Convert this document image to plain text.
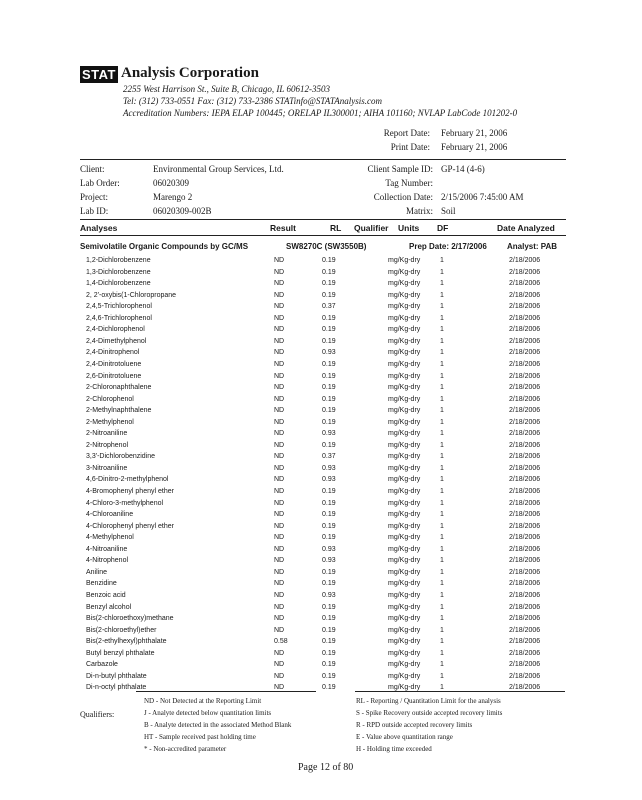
STAT Analysis Corporation
2255 West Harrison St., Suite B, Chicago, IL 60612-3503
Tel: (312) 733-0551 Fax: (312) 733-2386 STATinfo@STATAnalysis.com
Accreditation Numbers: IEPA ELAP 100445; ORELAP IL300001; AIHA 101160; NVLAP LabCode 101202-0
Report Date: February 21, 2006
Print Date: February 21, 2006
Client:	Environmental Group Services, Ltd.
Lab Order:	06020309
Project:	Marengo 2
Lab ID:	06020309-002B
Client Sample ID: GP-14 (4-6)
Tag Number:
Collection Date: 2/15/2006 7:45:00 AM
Matrix: Soil
Analyses	Result	RL Qualifier Units DF	Date Analyzed
Semivolatile Organic Compounds by GC/MS	SW8270C (SW3550B)	Prep Date: 2/17/2006	Analyst: PAB
1,2-Dichlorobenzene	ND	0.19	mg/Kg-dry	1	2/18/2006
1,3-Dichlorobenzene	ND	0.19	mg/Kg-dry	1	2/18/2006
1,4-Dichlorobenzene	ND	0.19	mg/Kg-dry	1	2/18/2006
2, 2'-oxybis(1-Chloropropane	ND	0.19	mg/Kg-dry	1	2/18/2006
2,4,5-Trichlorophenol	ND	0.37	mg/Kg-dry	1	2/18/2006
2,4,6-Trichlorophenol	ND	0.19	mg/Kg-dry	1	2/18/2006
2,4-Dichlorophenol	ND	0.19	mg/Kg-dry	1	2/18/2006
2,4-Dimethylphenol	ND	0.19	mg/Kg-dry	1	2/18/2006
2,4-Dinitrophenol	ND	0.93	mg/Kg-dry	1	2/18/2006
2,4-Dinitrotoluene	ND	0.19	mg/Kg-dry	1	2/18/2006
2,6-Dinitrotoluene	ND	0.19	mg/Kg-dry	1	2/18/2006
2-Chloronaphthalene	ND	0.19	mg/Kg-dry	1	2/18/2006
2-Chlorophenol	ND	0.19	mg/Kg-dry	1	2/18/2006
2-Methylnaphthalene	ND	0.19	mg/Kg-dry	1	2/18/2006
2-Methylphenol	ND	0.19	mg/Kg-dry	1	2/18/2006
2-Nitroaniline	ND	0.93	mg/Kg-dry	1	2/18/2006
2-Nitrophenol	ND	0.19	mg/Kg-dry	1	2/18/2006
3,3'-Dichlorobenzidine	ND	0.37	mg/Kg-dry	1	2/18/2006
3-Nitroaniline	ND	0.93	mg/Kg-dry	1	2/18/2006
4,6-Dinitro-2-methylphenol	ND	0.93	mg/Kg-dry	1	2/18/2006
4-Bromophenyl phenyl ether	ND	0.19	mg/Kg-dry	1	2/18/2006
4-Chloro-3-methylphenol	ND	0.19	mg/Kg-dry	1	2/18/2006
4-Chloroaniline	ND	0.19	mg/Kg-dry	1	2/18/2006
4-Chlorophenyl phenyl ether	ND	0.19	mg/Kg-dry	1	2/18/2006
4-Methylphenol	ND	0.19	mg/Kg-dry	1	2/18/2006
4-Nitroaniline	ND	0.93	mg/Kg-dry	1	2/18/2006
4-Nitrophenol	ND	0.93	mg/Kg-dry	1	2/18/2006
Aniline	ND	0.19	mg/Kg-dry	1	2/18/2006
Benzidine	ND	0.19	mg/Kg-dry	1	2/18/2006
Benzoic acid	ND	0.93	mg/Kg-dry	1	2/18/2006
Benzyl alcohol	ND	0.19	mg/Kg-dry	1	2/18/2006
Bis(2-chloroethoxy)methane	ND	0.19	mg/Kg-dry	1	2/18/2006
Bis(2-chloroethyl)ether	ND	0.19	mg/Kg-dry	1	2/18/2006
Bis(2-ethylhexyl)phthalate	0.58	0.19	mg/Kg-dry	1	2/18/2006
Butyl benzyl phthalate	ND	0.19	mg/Kg-dry	1	2/18/2006
Carbazole	ND	0.19	mg/Kg-dry	1	2/18/2006
Di-n-butyl phthalate	ND	0.19	mg/Kg-dry	1	2/18/2006
Di-n-octyl phthalate	ND	0.19	mg/Kg-dry	1	2/18/2006
Qualifiers:
ND - Not Detected at the Reporting Limit
J - Analyte detected below quantitation limits
B - Analyte detected in the associated Method Blank
HT - Sample received past holding time
* - Non-accredited parameter
RL - Reporting / Quantitation Limit for the analysis
S - Spike Recovery outside accepted recovery limits
R - RPD outside accepted recovery limits
E - Value above quantitation range
H - Holding time exceeded
Page 12 of 80
